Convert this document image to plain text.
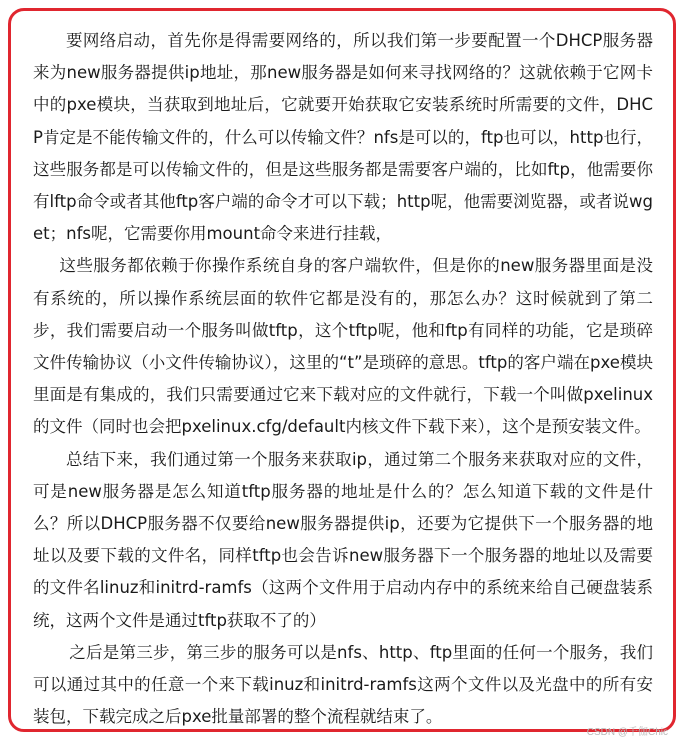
要网络启动，首先你是得需要网络的，所以我们第一步要配置一个DHCP服务器来为new服务器提供ip地址，那new服务器是如何来寻找网络的？这就依赖于它网卡中的pxe模块，当获取到地址后，它就要开始获取它安装系统时所需要的文件，DHCP肯定是不能传输文件的，什么可以传输文件？nfs是可以的，ftp也可以，http也行，这些服务都是可以传输文件的，但是这些服务都是需要客户端的，比如ftp，他需要你有lftp命令或者其他ftp客户端的命令才可以下载；http呢，他需要浏览器，或者说wget；nfs呢，它需要你用mount命令来进行挂载，

这些服务都依赖于你操作系统自身的客户端软件，但是你的new服务器里面是没有系统的，所以操作系统层面的软件它都是没有的，那怎么办？这时候就到了第二步，我们需要启动一个服务叫做tftp，这个tftp呢，他和ftp有同样的功能，它是琐碎文件传输协议（小文件传输协议），这里的“t”是琐碎的意思。tftp的客户端在pxe模块里面是有集成的，我们只需要通过它来下载对应的文件就行，下载一个叫做pxelinux的文件（同时也会把pxelinux.cfg/default内核文件下载下来），这个是预安装文件。

总结下来，我们通过第一个服务来获取ip，通过第二个服务来获取对应的文件，可是new服务器是怎么知道tftp服务器的地址是什么的？怎么知道下载的文件是什么？所以DHCP服务器不仅要给new服务器提供ip，还要为它提供下一个服务器的地址以及要下载的文件名，同样tftp也会告诉new服务器下一个服务器的地址以及需要的文件名linuz和initrd-ramfs（这两个文件用于启动内存中的系统来给自己硬盘装系统，这两个文件是通过tftp获取不了的）

之后是第三步，第三步的服务可以是nfs、http、ftp里面的任何一个服务，我们可以通过其中的任意一个来下载inuz和initrd-ramfs这两个文件以及光盘中的所有安装包，下载完成之后pxe批量部署的整个流程就结束了。

CSDN @千伽Chic
